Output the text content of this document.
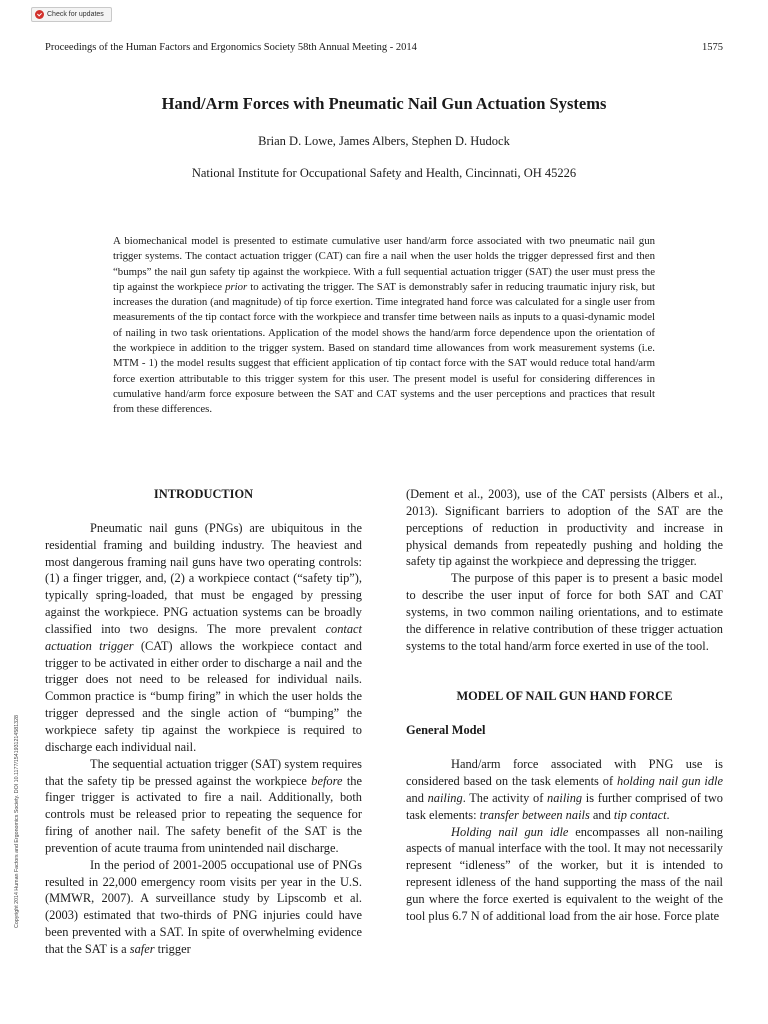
Check for updates
Proceedings of the Human Factors and Ergonomics Society 58th Annual Meeting - 2014	1575
Hand/Arm Forces with Pneumatic Nail Gun Actuation Systems
Brian D. Lowe, James Albers, Stephen D. Hudock
National Institute for Occupational Safety and Health, Cincinnati, OH 45226

A biomechanical model is presented to estimate cumulative user hand/arm force associated with two pneumatic nail gun trigger systems. The contact actuation trigger (CAT) can fire a nail when the user holds the trigger depressed first and then “bumps” the nail gun safety tip against the workpiece. With a full sequential actuation trigger (SAT) the user must press the tip against the workpiece prior to activating the trigger. The SAT is demonstrably safer in reducing traumatic injury risk, but increases the duration (and magnitude) of tip force exertion. Time integrated hand force was calculated for a single user from measurements of the tip contact force with the workpiece and transfer time between nails as inputs to a quasi-dynamic model of nailing in two task orientations. Application of the model shows the hand/arm force dependence upon the orientation of the workpiece in addition to the trigger system. Based on standard time allowances from work measurement systems (i.e. MTM - 1) the model results suggest that efficient application of tip contact force with the SAT would reduce total hand/arm force exertion attributable to this trigger system for this user. The present model is useful for considering differences in cumulative hand/arm force exposure between the SAT and CAT systems and the user perceptions and practices that result from these differences.

INTRODUCTION

Pneumatic nail guns (PNGs) are ubiquitous in the residential framing and building industry. The heaviest and most dangerous framing nail guns have two operating controls: (1) a finger trigger, and, (2) a workpiece contact (“safety tip”), typically spring-loaded, that must be engaged by pressing against the workpiece. PNG actuation systems can be broadly classified into two designs. The more prevalent contact actuation trigger (CAT) allows the workpiece contact and trigger to be activated in either order to discharge a nail and the trigger does not need to be released for individual nails. Common practice is “bump firing” in which the user holds the trigger depressed and the single action of “bumping” the workpiece safety tip against the workpiece is required to discharge each individual nail.

The sequential actuation trigger (SAT) system requires that the safety tip be pressed against the workpiece before the finger trigger is activated to fire a nail. Additionally, both controls must be released prior to repeating the sequence for firing of another nail. The safety benefit of the SAT is the prevention of acute trauma from unintended nail discharge.

In the period of 2001-2005 occupational use of PNGs resulted in 22,000 emergency room visits per year in the U.S. (MMWR, 2007). A surveillance study by Lipscomb et al. (2003) estimated that two-thirds of PNG injuries could have been prevented with a SAT. In spite of overwhelming evidence that the SAT is a safer trigger

(Dement et al., 2003), use of the CAT persists (Albers et al., 2013). Significant barriers to adoption of the SAT are the perceptions of reduction in productivity and increase in physical demands from repeatedly pushing and holding the safety tip against the workpiece and depressing the trigger.

The purpose of this paper is to present a basic model to describe the user input of force for both SAT and CAT systems, in two common nailing orientations, and to estimate the difference in relative contribution of these trigger actuation systems to the total hand/arm force exerted in use of the tool.

MODEL OF NAIL GUN HAND FORCE
General Model

Hand/arm force associated with PNG use is considered based on the task elements of holding nail gun idle and nailing. The activity of nailing is further comprised of two task elements: transfer between nails and tip contact.

Holding nail gun idle encompasses all non-nailing aspects of manual interface with the tool. It may not necessarily represent “idleness” of the worker, but it is intended to represent idleness of the hand supporting the mass of the nail gun where the force exerted is equivalent to the weight of the tool plus 6.7 N of additional load from the air hose. Force plate

Copyright 2014 Human Factors and Ergonomics Society. DOI 10.1177/1541931214581328
